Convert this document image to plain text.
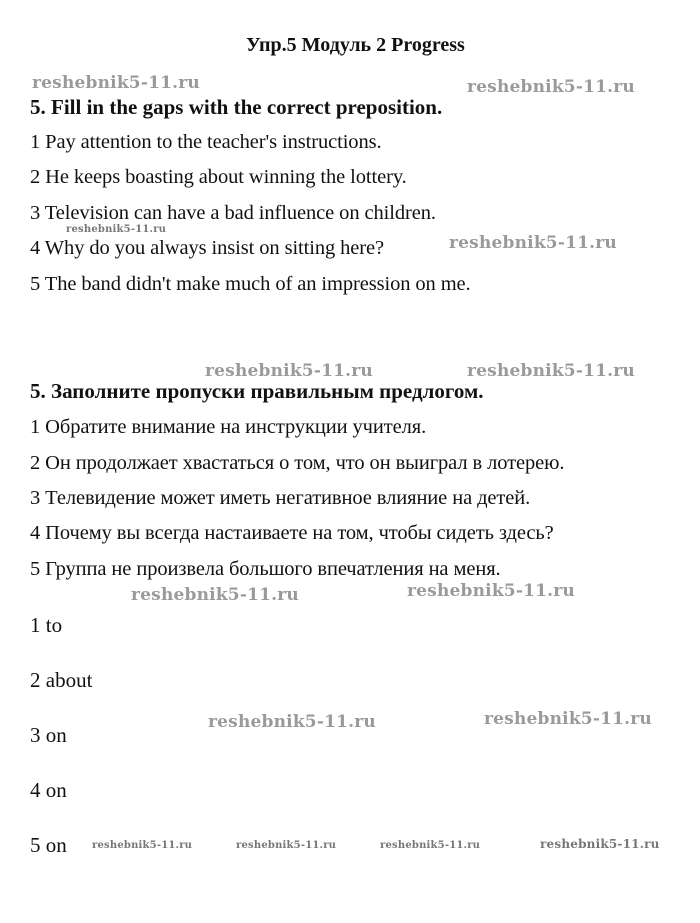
Упр.5 Модуль 2 Progress
5. Fill in the gaps with the correct preposition.
1 Pay attention to the teacher's instructions.
2 He keeps boasting about winning the lottery.
3 Television can have a bad influence on children.
4 Why do you always insist on sitting here?
5 The band didn't make much of an impression on me.
5. Заполните пропуски правильным предлогом.
1 Обратите внимание на инструкции учителя.
2 Он продолжает хвастаться о том, что он выиграл в лотерею.
3 Телевидение может иметь негативное влияние на детей.
4 Почему вы всегда настаиваете на том, чтобы сидеть здесь?
5 Группа не произвела большого впечатления на меня.
1 to
2 about
3 on
4 on
5 on
reshebnik5-11.ru	reshebnik5-11.ru
reshebnik5-11.ru
reshebnik5-11.ru
reshebnik5-11.ru	reshebnik5-11.ru
reshebnik5-11.ru	reshebnik5-11.ru
reshebnik5-11.ru	reshebnik5-11.ru
reshebnik5-11.ru	reshebnik5-11.ru	reshebnik5-11.ru	reshebnik5-11.ru
